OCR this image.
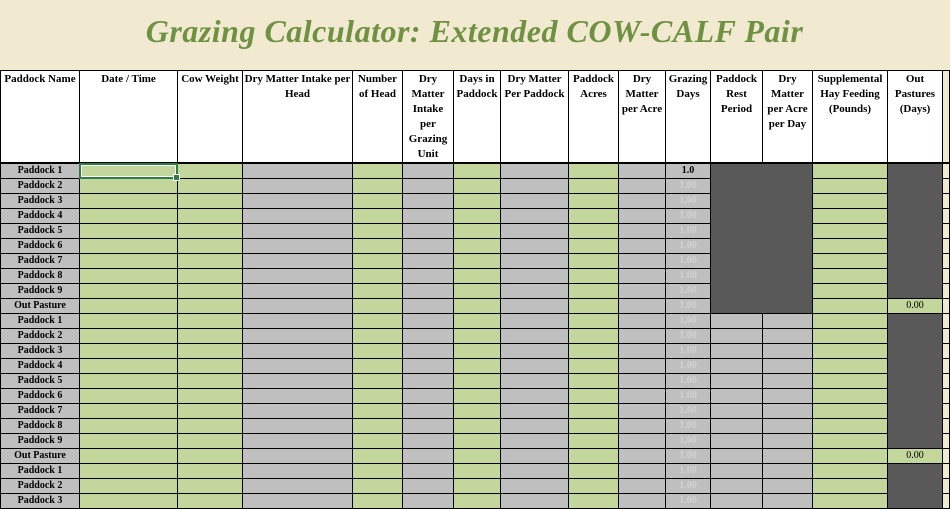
Grazing Calculator: Extended COW-CALF Pair
Paddock Name	Date / Time	Cow Weight	Dry Matter Intake per Head	Number of Head	Dry Matter Intake per Grazing Unit	Days in Paddock	Dry Matter Per Paddock	Paddock Acres	Dry Matter per Acre	Grazing Days	Paddock Rest Period	Dry Matter per Acre per Day	Supplemental Hay Feeding (Pounds)	Out Pastures (Days)	
Paddock 1										1.0					
Paddock 2										1.00					
Paddock 3										1.00					
Paddock 4										1.00					
Paddock 5										1.00					
Paddock 6										1.00					
Paddock 7										1.00					
Paddock 8										1.00					
Paddock 9										1.00					
Out Pasture										1.00				0.00	
Paddock 1										1.00					
Paddock 2										1.00					
Paddock 3										1.00					
Paddock 4										1.00					
Paddock 5										1.00					
Paddock 6										1.00					
Paddock 7										1.00					
Paddock 8										1.00					
Paddock 9										1.00					
Out Pasture										1.00				0.00	
Paddock 1										1.00					
Paddock 2										1.00					
Paddock 3										1.00					
